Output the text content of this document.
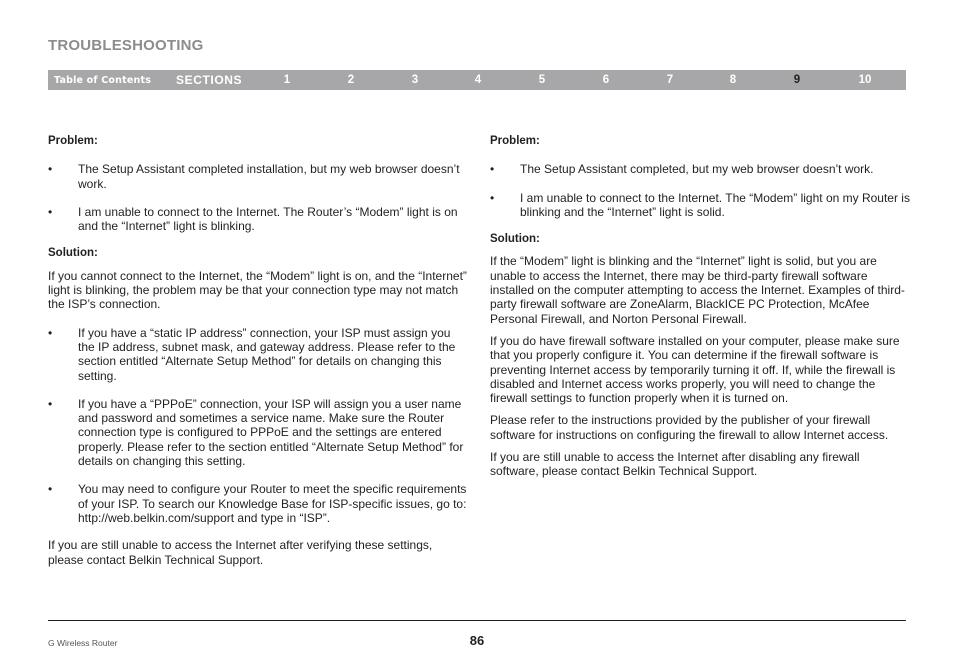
TROUBLESHOOTING
Table of Contents SECTIONS	1	2	3	4	5	6	7	8	9	10
Problem:
• The Setup Assistant completed installation, but my web browser doesn’t work.
• I am unable to connect to the Internet. The Router’s “Modem” light is on and the “Internet” light is blinking.
Solution:

If you cannot connect to the Internet, the “Modem” light is on, and the “Internet” light is blinking, the problem may be that your connection type may not match the ISP’s connection.

• If you have a “static IP address” connection, your ISP must assign you the IP address, subnet mask, and gateway address. Please refer to the section entitled “Alternate Setup Method” for details on changing this setting.
• If you have a “PPPoE” connection, your ISP will assign you a user name and password and sometimes a service name. Make sure the Router connection type is configured to PPPoE and the settings are entered properly. Please refer to the section entitled “Alternate Setup Method” for details on changing this setting.
• You may need to configure your Router to meet the specific requirements of your ISP. To search our Knowledge Base for ISP-specific issues, go to: http://web.belkin.com/support and type in “ISP”.

If you are still unable to access the Internet after verifying these settings, please contact Belkin Technical Support.

Problem:
• The Setup Assistant completed, but my web browser doesn’t work.
• I am unable to connect to the Internet. The “Modem” light on my Router is blinking and the “Internet” light is solid.
Solution:

If the “Modem” light is blinking and the “Internet” light is solid, but you are unable to access the Internet, there may be third-party firewall software installed on the computer attempting to access the Internet. Examples of third-party firewall software are ZoneAlarm, BlackICE PC Protection, McAfee Personal Firewall, and Norton Personal Firewall.

If you do have firewall software installed on your computer, please make sure that you properly configure it. You can determine if the firewall software is preventing Internet access by temporarily turning it off. If, while the firewall is disabled and Internet access works properly, you will need to change the firewall settings to function properly when it is turned on.

Please refer to the instructions provided by the publisher of your firewall software for instructions on configuring the firewall to allow Internet access.

If you are still unable to access the Internet after disabling any firewall software, please contact Belkin Technical Support.

G Wireless Router	86
